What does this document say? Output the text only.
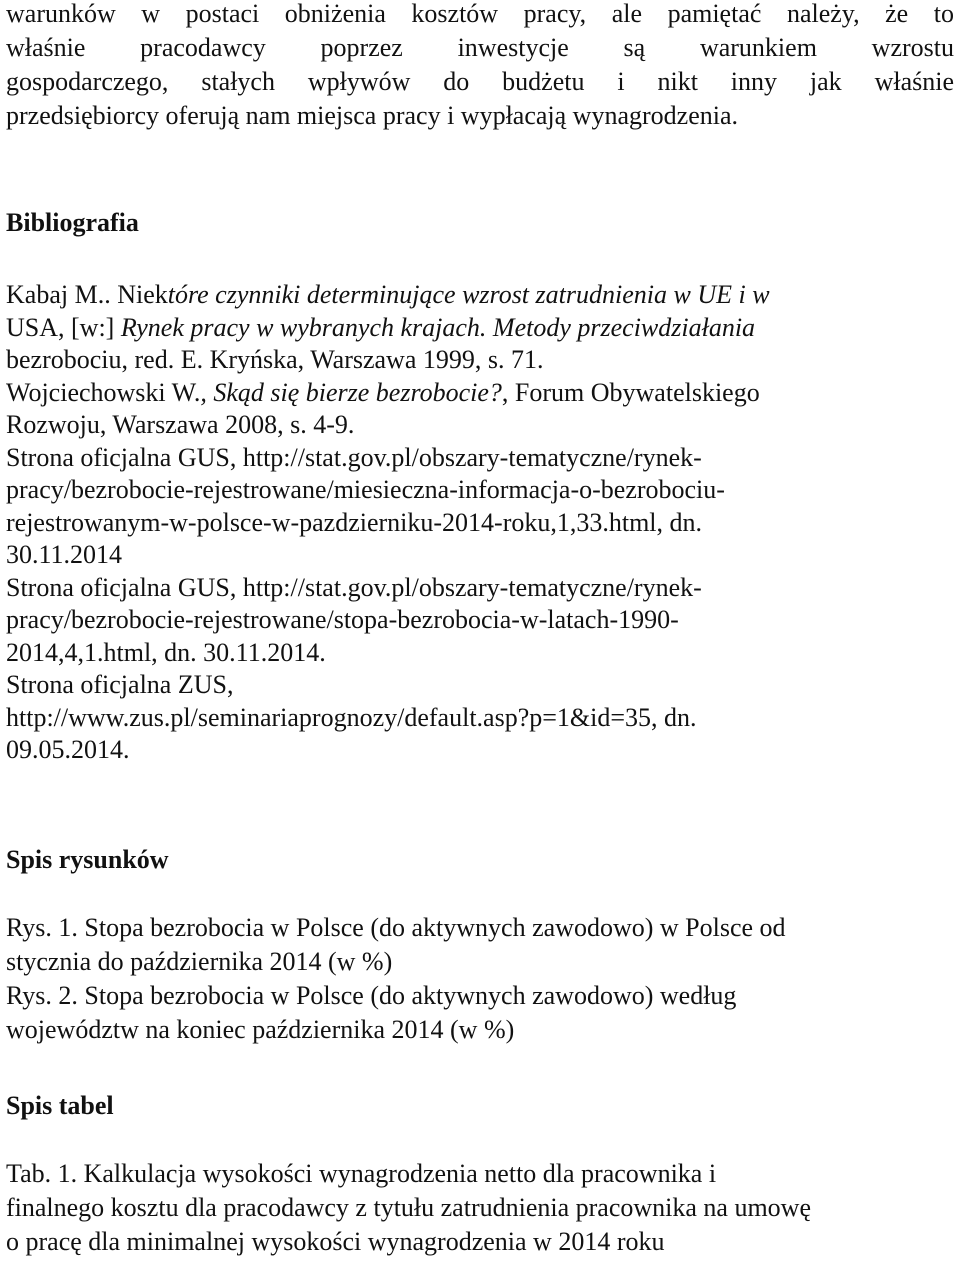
warunków w postaci obniżenia kosztów pracy, ale pamiętać należy, że to
właśnie pracodawcy poprzez inwestycje są warunkiem wzrostu
gospodarczego, stałych wpływów do budżetu i nikt inny jak właśnie
przedsiębiorcy oferują nam miejsca pracy i wypłacają wynagrodzenia.

Bibliografia
Kabaj M.. Niektóre czynniki determinujące wzrost zatrudnienia w UE i w
USA, [w:] Rynek pracy w wybranych krajach. Metody przeciwdziałania
bezrobociu, red. E. Kryńska, Warszawa 1999, s. 71.
Wojciechowski W., Skąd się bierze bezrobocie?, Forum Obywatelskiego
Rozwoju, Warszawa 2008, s. 4-9.
Strona oficjalna GUS, http://stat.gov.pl/obszary-tematyczne/rynek-
pracy/bezrobocie-rejestrowane/miesieczna-informacja-o-bezrobociu-
rejestrowanym-w-polsce-w-pazdzierniku-2014-roku,1,33.html, dn.
30.11.2014
Strona oficjalna GUS, http://stat.gov.pl/obszary-tematyczne/rynek-
pracy/bezrobocie-rejestrowane/stopa-bezrobocia-w-latach-1990-
2014,4,1.html, dn. 30.11.2014.
Strona oficjalna ZUS,
http://www.zus.pl/seminariaprognozy/default.asp?p=1&id=35, dn.
09.05.2014.
Spis rysunków
Rys. 1. Stopa bezrobocia w Polsce (do aktywnych zawodowo) w Polsce od
stycznia do października 2014 (w %)
Rys. 2. Stopa bezrobocia w Polsce (do aktywnych zawodowo) według
województw na koniec października 2014 (w %)
Spis tabel
Tab. 1. Kalkulacja wysokości wynagrodzenia netto dla pracownika i
finalnego kosztu dla pracodawcy z tytułu zatrudnienia pracownika na umowę
o pracę dla minimalnej wysokości wynagrodzenia w 2014 roku
